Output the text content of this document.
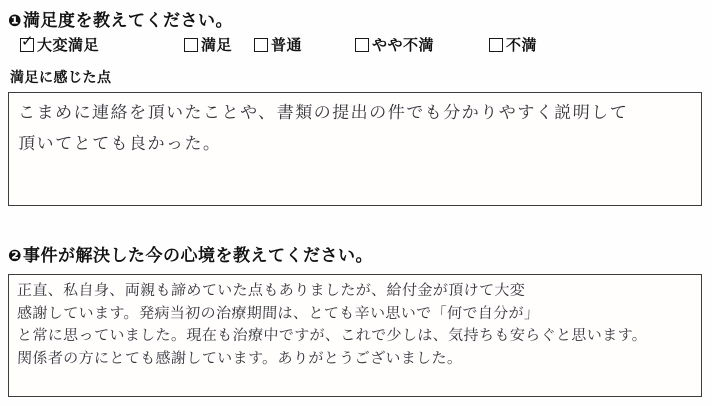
❶満足度を教えてください。
✓ 大変満足	満足	普通	やや不満	不満
満足に感じた点
こまめに連絡を頂いたことや、書類の提出の件でも分かりやすく説明して
頂いてとても良かった。
❷事件が解決した今の心境を教えてください。
正直、私自身、両親も諦めていた点もありましたが、給付金が頂けて大変
感謝しています。発病当初の治療期間は、とても辛い思いで「何で自分が」
と常に思っていました。現在も治療中ですが、これで少しは、気持ちも安らぐと思います。
関係者の方にとても感謝しています。ありがとうございました。
